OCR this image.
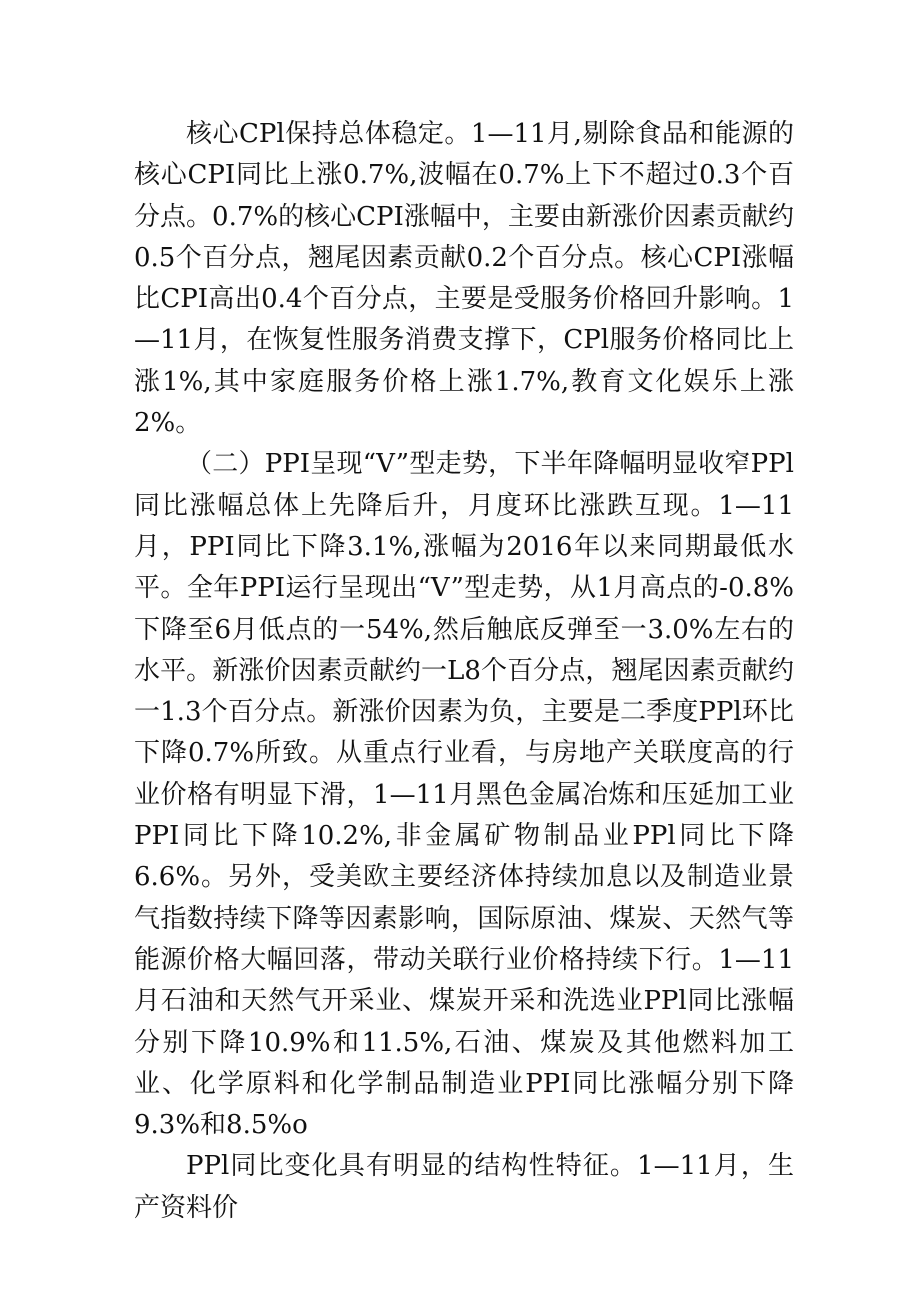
核心CPl保持总体稳定。1—11月,剔除食品和能源的核心CPI同比上涨0.7%,波幅在0.7%上下不超过0.3个百分点。0.7%的核心CPI涨幅中，主要由新涨价因素贡献约0.5个百分点，翘尾因素贡献0.2个百分点。核心CPI涨幅比CPI高出0.4个百分点，主要是受服务价格回升影响。1—11月，在恢复性服务消费支撑下，CPl服务价格同比上涨1%,其中家庭服务价格上涨1.7%,教育文化娱乐上涨2%。

（二）PPI呈现“V”型走势，下半年降幅明显收窄PPl同比涨幅总体上先降后升，月度环比涨跌互现。1—11月，PPI同比下降3.1%,涨幅为2016年以来同期最低水平。全年PPI运行呈现出“V”型走势，从1月高点的-0.8%下降至6月低点的一54%,然后触底反弹至一3.0%左右的水平。新涨价因素贡献约一L8个百分点，翘尾因素贡献约一1.3个百分点。新涨价因素为负，主要是二季度PPl环比下降0.7%所致。从重点行业看，与房地产关联度高的行业价格有明显下滑，1—11月黑色金属冶炼和压延加工业PPI同比下降10.2%,非金属矿物制品业PPl同比下降6.6%。另外，受美欧主要经济体持续加息以及制造业景气指数持续下降等因素影响，国际原油、煤炭、天然气等能源价格大幅回落，带动关联行业价格持续下行。1—11月石油和天然气开采业、煤炭开采和洗选业PPl同比涨幅分别下降10.9%和11.5%,石油、煤炭及其他燃料加工业、化学原料和化学制品制造业PPI同比涨幅分别下降9.3%和8.5%o

PPl同比变化具有明显的结构性特征。1—11月，生产资料价
